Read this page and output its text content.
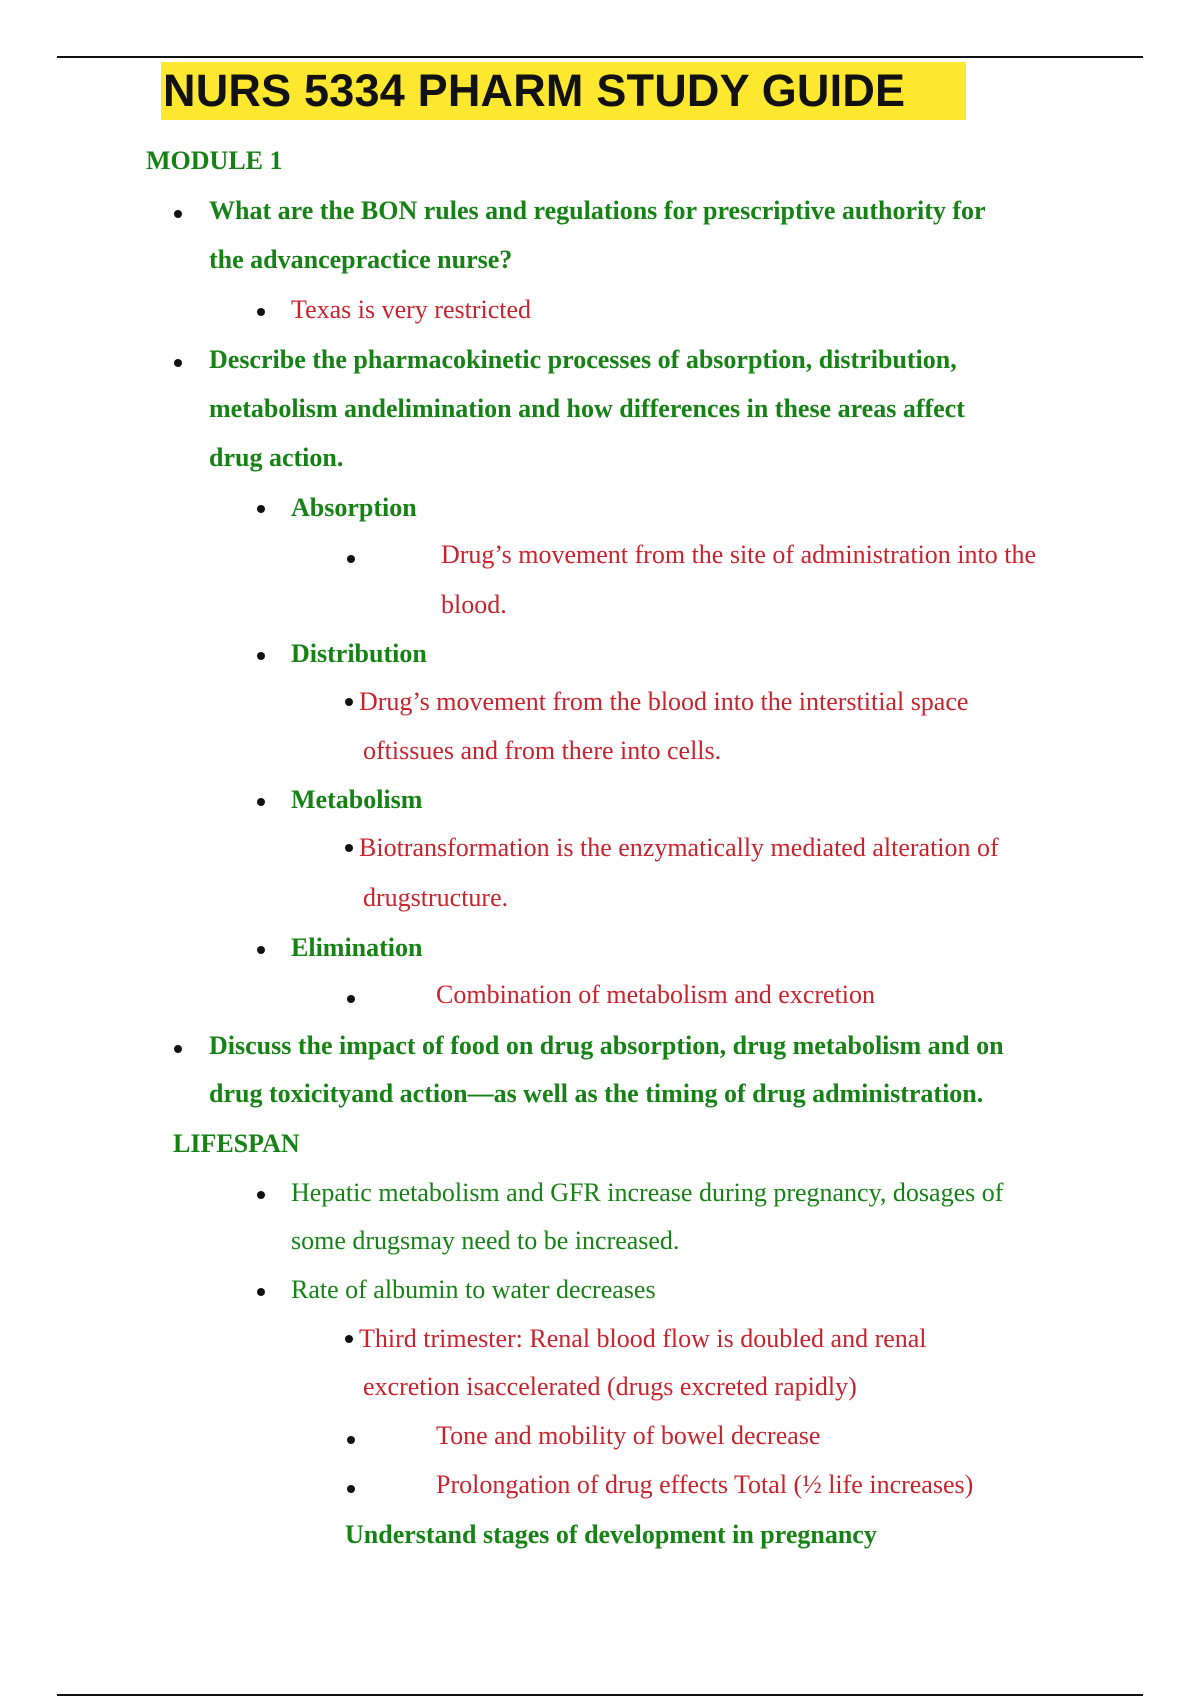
NURS 5334 PHARM STUDY GUIDE
MODULE 1
What are the BON rules and regulations for prescriptive authority for
the advancepractice nurse?
Texas is very restricted
Describe the pharmacokinetic processes of absorption, distribution,
metabolism andelimination and how differences in these areas affect
drug action.
Absorption
Drug’s movement from the site of administration into the
blood.
Distribution
Drug’s movement from the blood into the interstitial space
oftissues and from there into cells.
Metabolism
Biotransformation is the enzymatically mediated alteration of
drugstructure.
Elimination
Combination of metabolism and excretion
Discuss the impact of food on drug absorption, drug metabolism and on
drug toxicityand action—as well as the timing of drug administration.
LIFESPAN
Hepatic metabolism and GFR increase during pregnancy, dosages of
some drugsmay need to be increased.
Rate of albumin to water decreases
Third trimester: Renal blood flow is doubled and renal
excretion isaccelerated (drugs excreted rapidly)
Tone and mobility of bowel decrease
Prolongation of drug effects Total (½ life increases)
Understand stages of development in pregnancy
